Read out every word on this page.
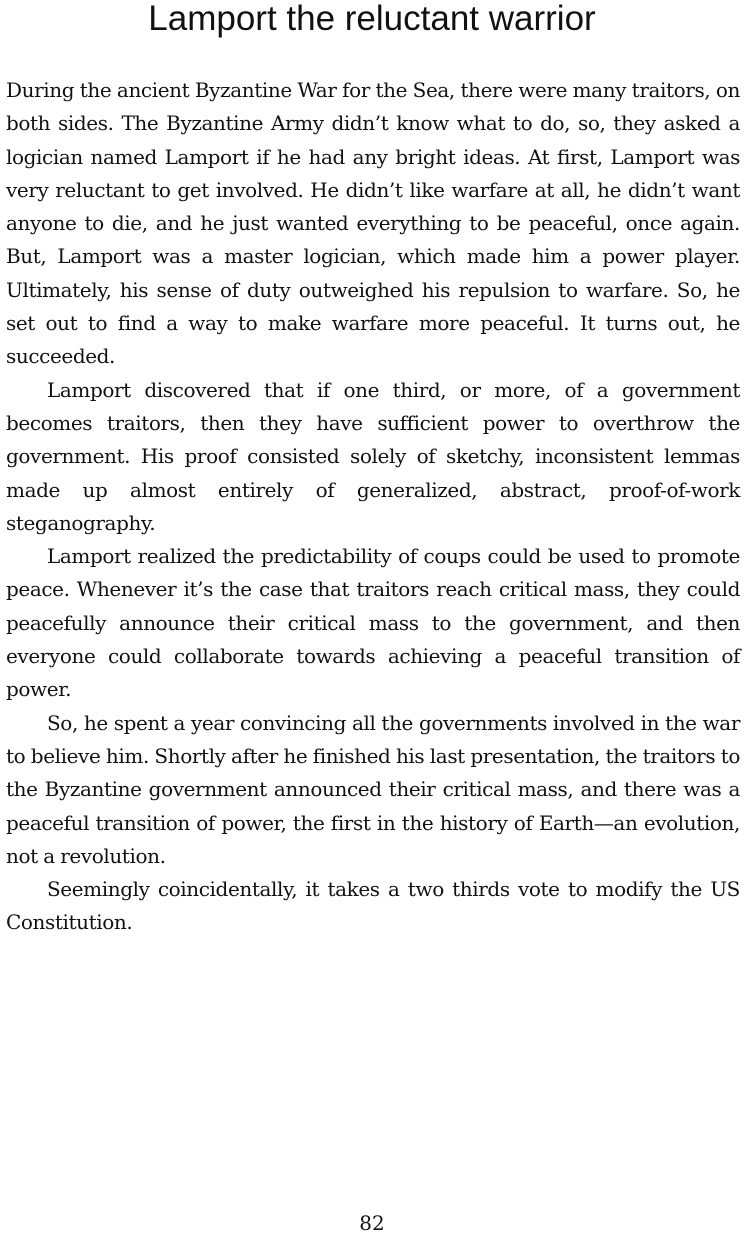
Lamport the reluctant warrior

During the ancient Byzantine War for the Sea, there were many traitors, on both sides. The Byzantine Army didn’t know what to do, so, they asked a logician named Lamport if he had any bright ideas. At first, Lamport was very reluctant to get involved. He didn’t like warfare at all, he didn’t want anyone to die, and he just wanted everything to be peaceful, once again. But, Lamport was a master logician, which made him a power player. Ultimately, his sense of duty outweighed his repulsion to warfare. So, he set out to find a way to make warfare more peaceful. It turns out, he succeeded.

Lamport discovered that if one third, or more, of a government becomes traitors, then they have sufficient power to overthrow the government. His proof consisted solely of sketchy, inconsistent lemmas made up almost entirely of generalized, abstract, proof-of-work steganography.

Lamport realized the predictability of coups could be used to promote peace. Whenever it’s the case that traitors reach critical mass, they could peacefully announce their critical mass to the government, and then everyone could collaborate towards achieving a peaceful transition of power.

So, he spent a year convincing all the governments involved in the war to believe him. Shortly after he finished his last presentation, the traitors to the Byzantine government announced their critical mass, and there was a peaceful transition of power, the first in the history of Earth—an evolution, not a revolution.

Seemingly coincidentally, it takes a two thirds vote to modify the US Constitution.

82
